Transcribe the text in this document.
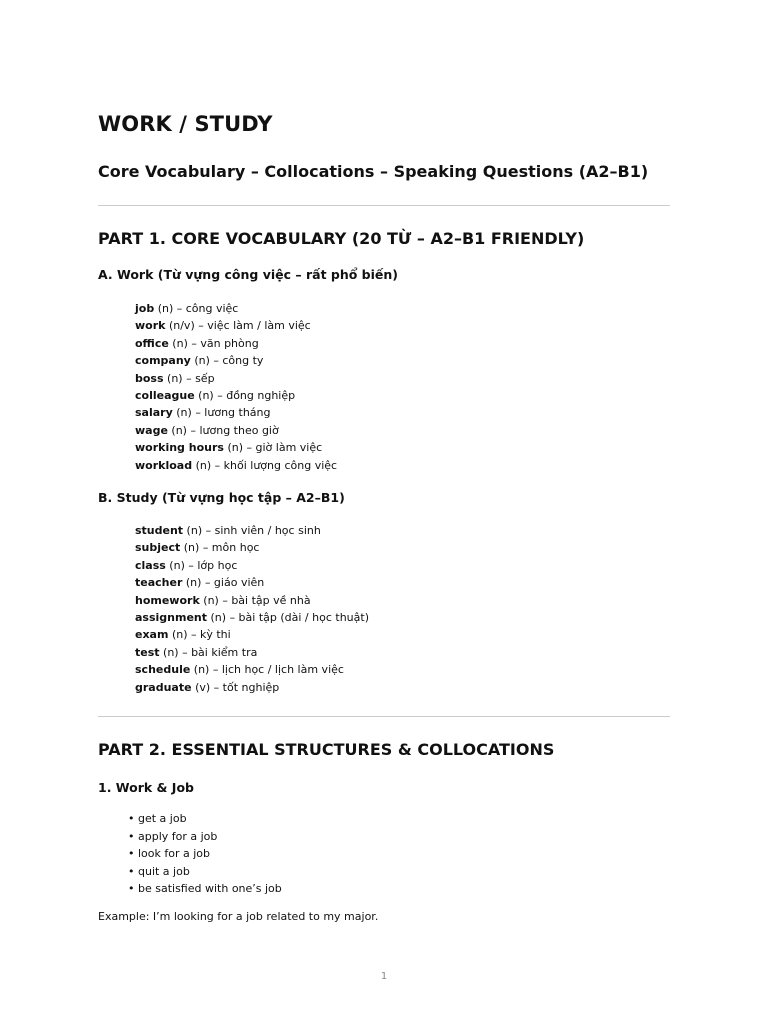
WORK / STUDY
Core Vocabulary – Collocations – Speaking Questions (A2–B1)
PART 1. CORE VOCABULARY (20 TỪ – A2–B1 FRIENDLY)
A. Work (Từ vựng công việc – rất phổ biến)
job (n) – công việc
work (n/v) – việc làm / làm việc
office (n) – văn phòng
company (n) – công ty
boss (n) – sếp
colleague (n) – đồng nghiệp
salary (n) – lương tháng
wage (n) – lương theo giờ
working hours (n) – giờ làm việc
workload (n) – khối lượng công việc
B. Study (Từ vựng học tập – A2–B1)
student (n) – sinh viên / học sinh
subject (n) – môn học
class (n) – lớp học
teacher (n) – giáo viên
homework (n) – bài tập về nhà
assignment (n) – bài tập (dài / học thuật)
exam (n) – kỳ thi
test (n) – bài kiểm tra
schedule (n) – lịch học / lịch làm việc
graduate (v) – tốt nghiệp
PART 2. ESSENTIAL STRUCTURES & COLLOCATIONS
1. Work & Job
• get a job
• apply for a job
• look for a job
• quit a job
• be satisfied with one’s job

Example: I’m looking for a job related to my major.

1
